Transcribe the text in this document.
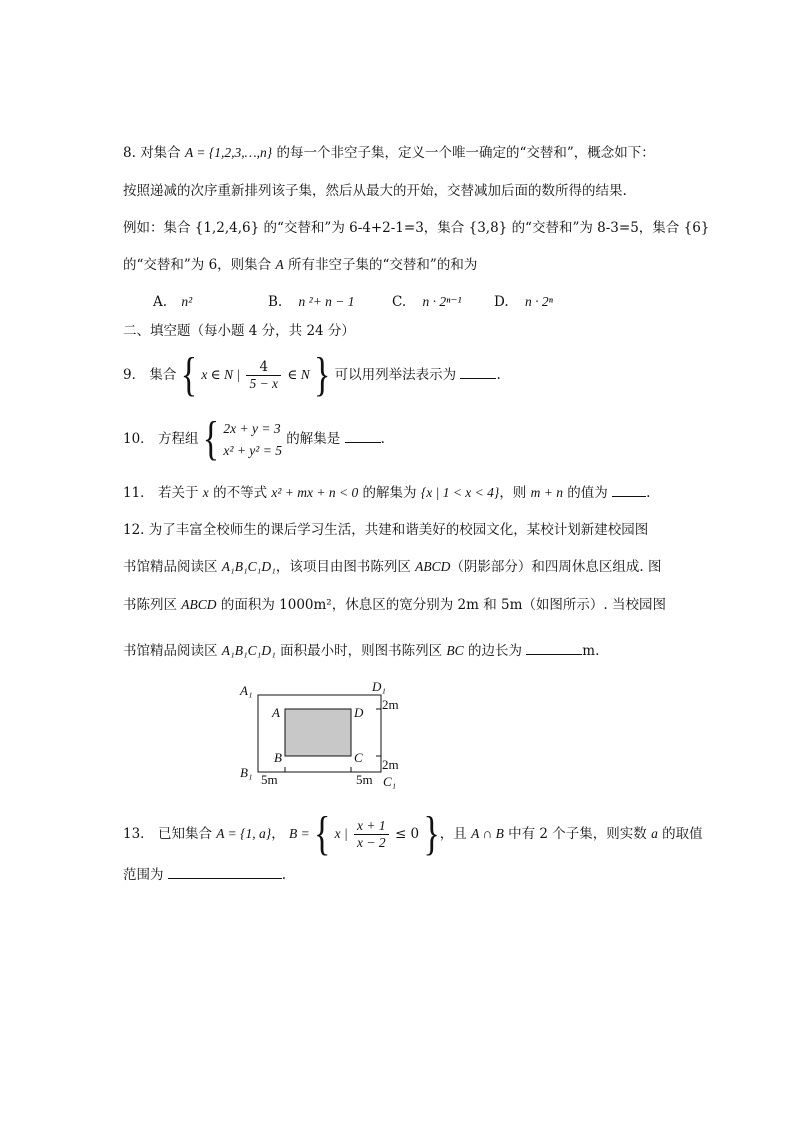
8. 对集合 A = {1,2,3,…,n} 的每一个非空子集，定义一个唯一确定的“交替和”，概念如下：
按照递减的次序重新排列该子集，然后从最大的开始，交替减加后面的数所得的结果.
例如：集合 {1,2,4,6} 的“交替和”为 6-4+2-1=3，集合 {3,8} 的“交替和”为 8-3=5，集合 {6}
的“交替和”为 6，则集合 A 所有非空子集的“交替和”的和为
A. n²	B. n ²+ n − 1	C. n · 2ⁿ⁻¹ D. n · 2ⁿ
二、填空题（每小题 4 分，共 24 分）
9． 集合 { x ∈ N | $\frac{4}{5 - x}$ ∈ N } 可以用列举法表示为	.
10． 方程组 { 2x + y = 3
x² + y² = 5
的解集是	.
11． 若关于 x 的不等式 x² + mx + n < 0 的解集为 {x | 1 < x < 4}，则 m + n 的值为	.
12. 为了丰富全校师生的课后学习生活，共建和谐美好的校园文化，某校计划新建校园图
书馆精品阅读区 A₁B₁C₁D₁，该项目由图书陈列区 ABCD（阴影部分）和四周休息区组成. 图
书陈列区 ABCD 的面积为 1000m²，休息区的宽分别为 2m 和 5m（如图所示）. 当校园图
书馆精品阅读区 A₁B₁C₁D₁ 面积最小时，则图书陈列区 BC 的边长为	m.
A₁	D₁
B₁
C₁
A	D
B	C
2m
2m
5m	5m
13． 已知集合 A = {1, a}， B = { x | $\frac{x + 1}{x - 2} \le 0$ }，且 A ∩ B 中有 2 个子集，则实数 a 的取值
范围为	.
